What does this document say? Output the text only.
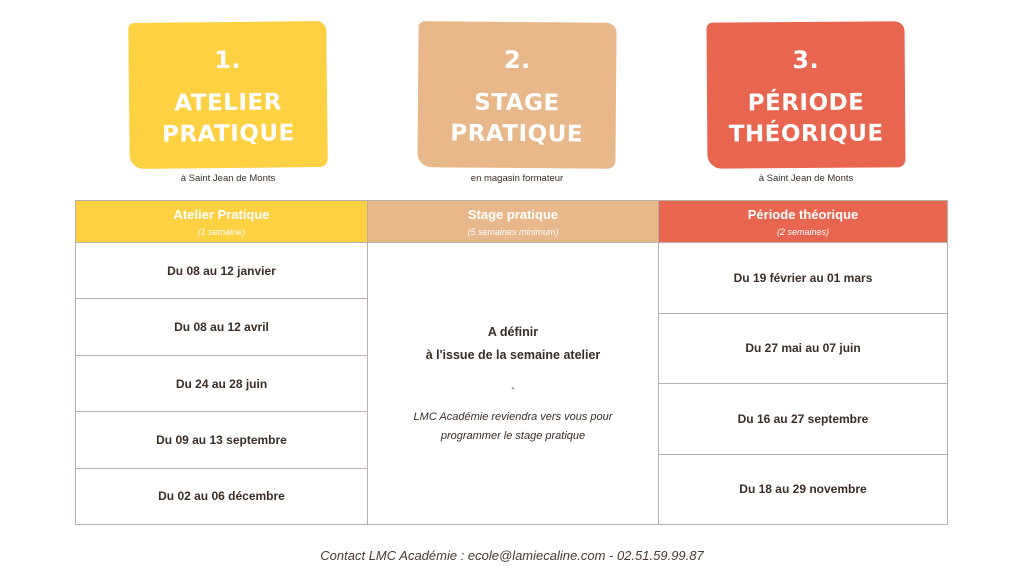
1.
ATELIER
PRATIQUE
à Saint Jean de Monts
2.
STAGE
PRATIQUE
en magasin formateur
3.
PÉRIODE
THÉORIQUE
à Saint Jean de Monts
Atelier Pratique
(1 semaine)
Du 08 au 12 janvier
Du 08 au 12 avril
Du 24 au 28 juin
Du 09 au 13 septembre
Du 02 au 06 décembre
Stage pratique
(5 semaines minimum)
A définir
à l'issue de la semaine atelier
-
LMC Académie reviendra vers vous pour
programmer le stage pratique
Période théorique
(2 semaines)
Du 19 février au 01 mars
Du 27 mai au 07 juin
Du 16 au 27 septembre
Du 18 au 29 novembre
Contact LMC Académie : ecole@lamiecaline.com - 02.51.59.99.87
